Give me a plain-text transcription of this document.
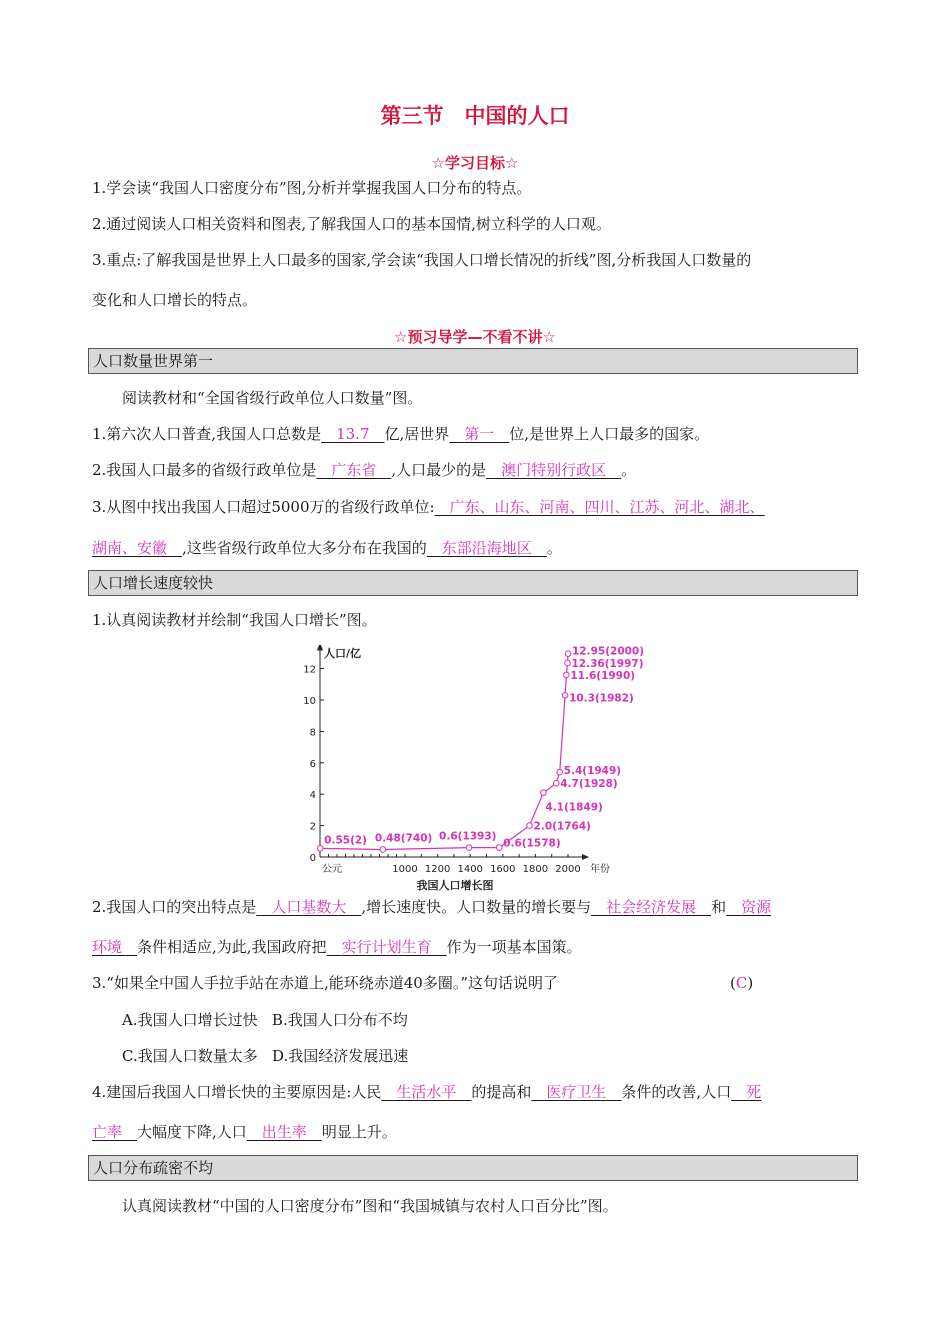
第三节　中国的人口
☆学习目标☆
1.学会读“我国人口密度分布”图,分析并掌握我国人口分布的特点。
2.通过阅读人口相关资料和图表,了解我国人口的基本国情,树立科学的人口观。
3.重点:了解我国是世界上人口最多的国家,学会读“我国人口增长情况的折线”图,分析我国人口数量的
变化和人口增长的特点。
☆预习导学—不看不讲☆
人口数量世界第一
阅读教材和“全国省级行政单位人口数量”图。
1.第六次人口普查,我国人口总数是　13.7　亿,居世界　第一　位,是世界上人口最多的国家。
2.我国人口最多的省级行政单位是　广东省　,人口最少的是　澳门特别行政区　。
3.从图中找出我国人口超过5000万的省级行政单位:　广东、山东、河南、四川、江苏、河北、湖北、
湖南、安徽　,这些省级行政单位大多分布在我国的　东部沿海地区　。
人口增长速度较快
1.认真阅读教材并绘制“我国人口增长”图。
人口/亿
0
2
4
6
8
10
12
1000 1200 1400 1600 1800 2000
公元	年份
我国人口增长图
0.55(2) 0.48(740) 0.6(1393)
0.6(1578)
2.0(1764)
4.1(1849)
4.7(1928)
5.4(1949)
10.3(1982)
11.6(1990)
12.36(1997)
12.95(2000)
2.我国人口的突出特点是　人口基数大　,增长速度快。人口数量的增长要与　社会经济发展　和　资源
环境　条件相适应,为此,我国政府把　实行计划生育　作为一项基本国策。
3.“如果全中国人手拉手站在赤道上,能环绕赤道40多圈。”这句话说明了	(C)
A.我国人口增长过快 B.我国人口分布不均
C.我国人口数量太多 D.我国经济发展迅速
4.建国后我国人口增长快的主要原因是:人民　生活水平　的提高和　医疗卫生　条件的改善,人口　死
亡率　大幅度下降,人口　出生率　明显上升。
人口分布疏密不均
认真阅读教材“中国的人口密度分布”图和“我国城镇与农村人口百分比”图。
